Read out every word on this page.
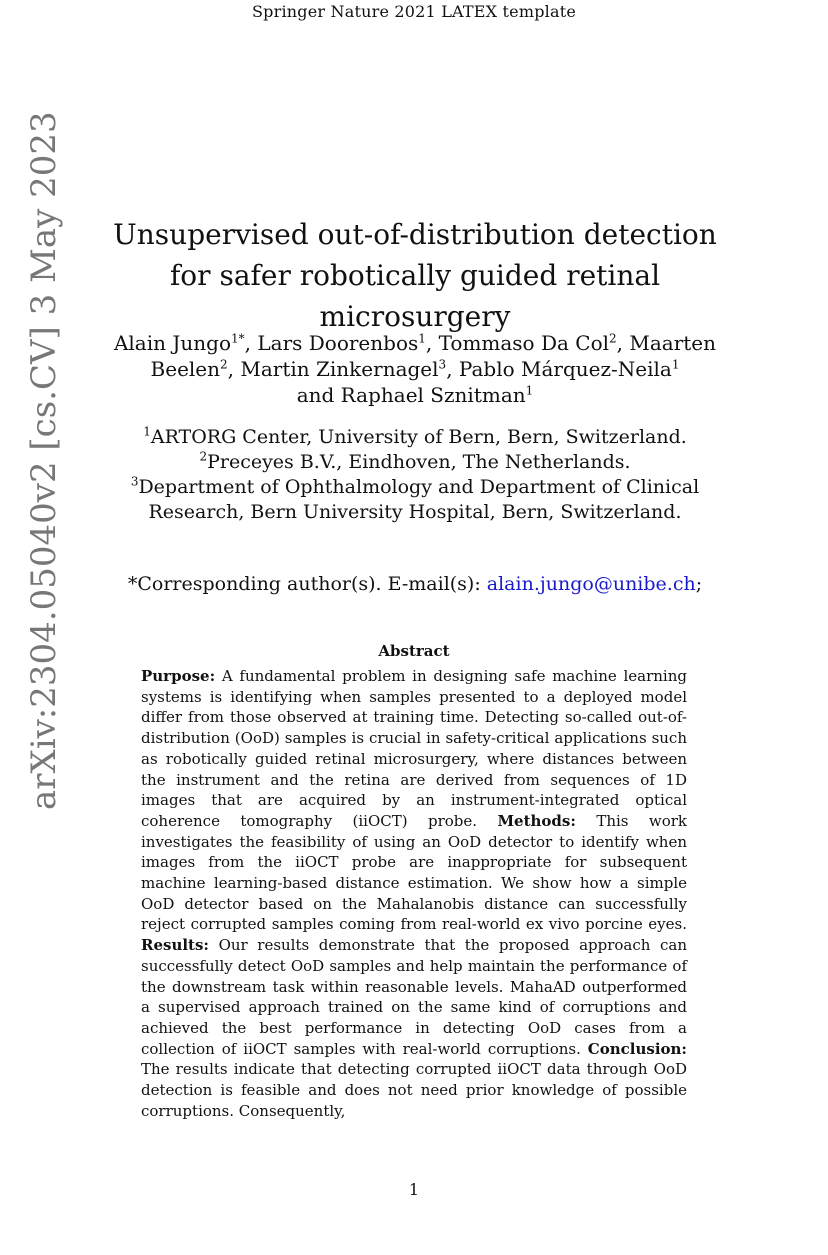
Springer Nature 2021 LATEX template
arXiv:2304.05040v2 [cs.CV] 3 May 2023 Unsupervised out-of-distribution detection for safer robotically guided retinal microsurgery
Alain Jungo$^{1*}$, Lars Doorenbos$^1$, Tommaso Da Col$^2$, Maarten Beelen$^2$, Martin Zinkernagel$^3$, Pablo Márquez-Neila$^1$
and Raphael Sznitman$^1$
$^1$ARTORG Center, University of Bern, Bern, Switzerland.
$^2$Preceyes B.V., Eindhoven, The Netherlands.
$^3$Department of Ophthalmology and Department of Clinical Research, Bern University Hospital, Bern, Switzerland.
*Corresponding author(s). E-mail(s): alain.jungo@unibe.ch;
Abstract

Purpose: A fundamental problem in designing safe machine learning systems is identifying when samples presented to a deployed model differ from those observed at training time. Detecting so-called out-of-distribution (OoD) samples is crucial in safety-critical applications such as robotically guided retinal microsurgery, where distances between the instrument and the retina are derived from sequences of 1D images that are acquired by an instrument-integrated optical coherence tomography (iiOCT) probe. Methods: This work investigates the feasibility of using an OoD detector to identify when images from the iiOCT probe are inappropriate for subsequent machine learning-based distance estimation. We show how a simple OoD detector based on the Mahalanobis distance can successfully reject corrupted samples coming from real-world ex vivo porcine eyes. Results: Our results demonstrate that the proposed approach can successfully detect OoD samples and help maintain the performance of the downstream task within reasonable levels. MahaAD outperformed a supervised approach trained on the same kind of corruptions and achieved the best performance in detecting OoD cases from a collection of iiOCT samples with real-world corruptions. Conclusion: The results indicate that detecting corrupted iiOCT data through OoD detection is feasible and does not need prior knowledge of possible corruptions. Consequently,

1
